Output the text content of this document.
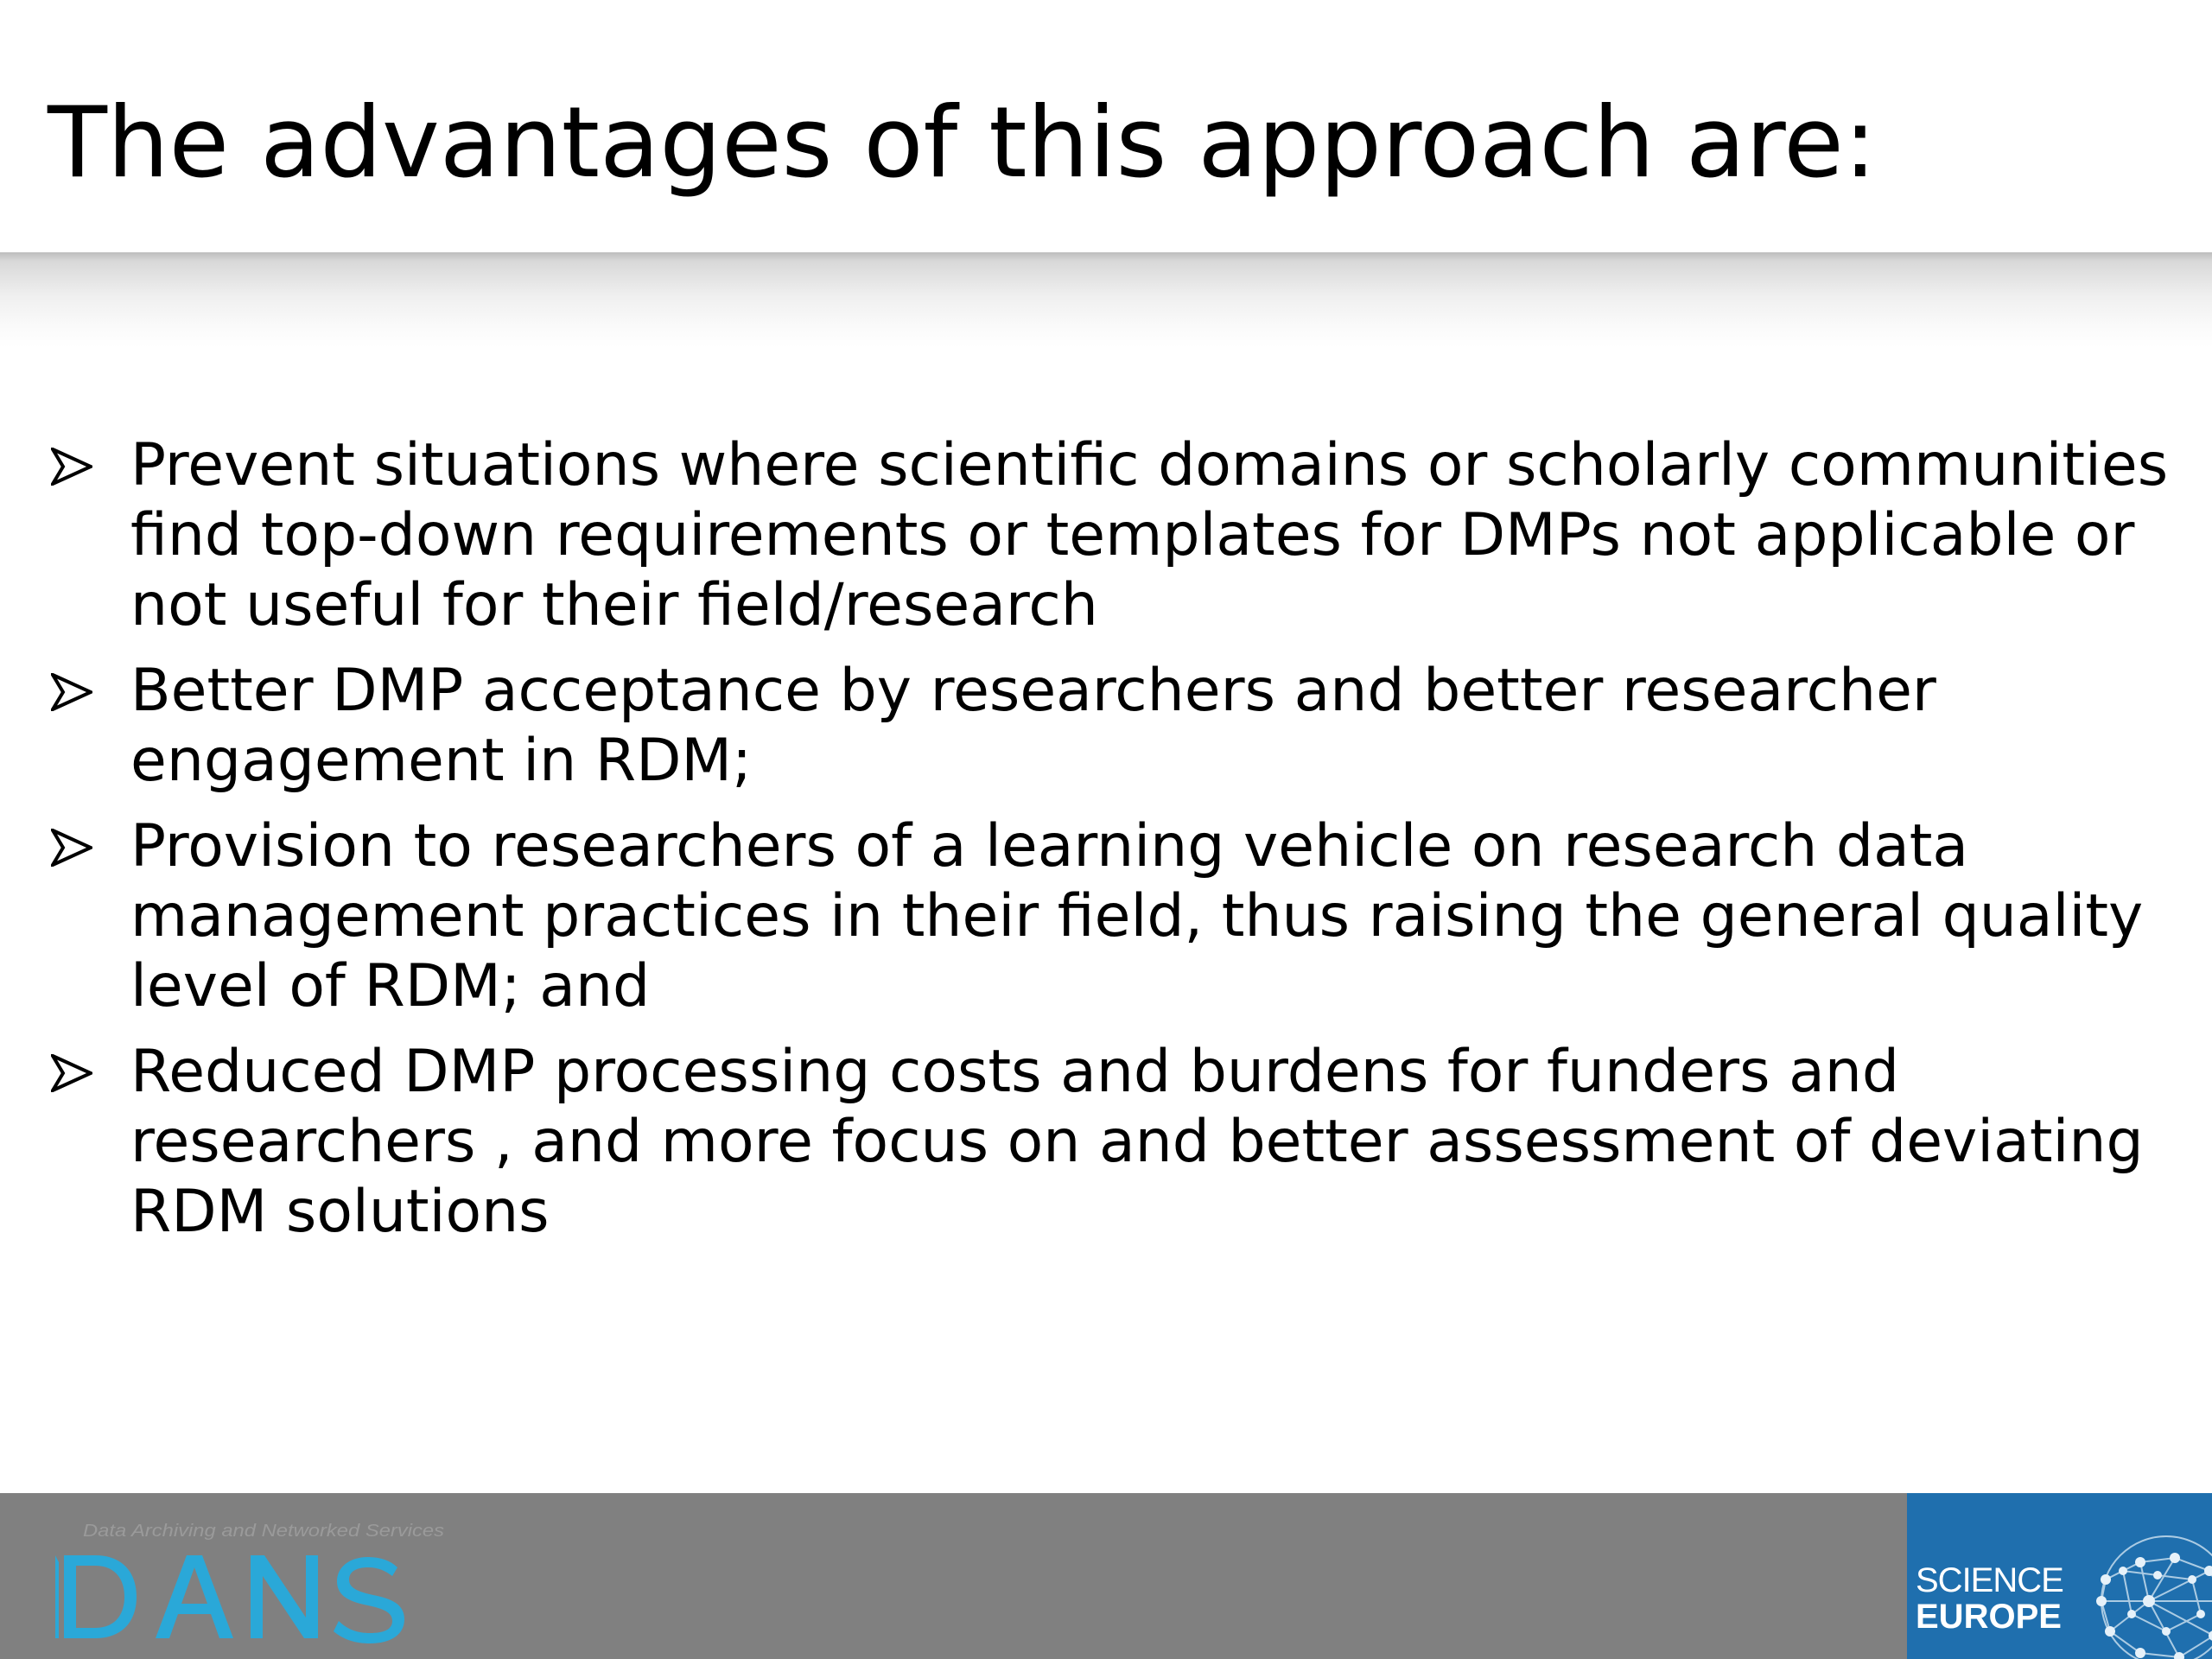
The advantages of this approach are:
Prevent situations where scientific domains or scholarly communities find top-down requirements or templates for DMPs not applicable or not useful for their field/research
Better DMP acceptance by researchers and better researcher engagement in RDM;
Provision to researchers of a learning vehicle on research data management practices in their field, thus raising the general quality level of RDM; and
Reduced DMP processing costs and burdens for funders and researchers , and more focus on and better assessment of deviating RDM solutions
Data Archiving and Networked Services
SCIENCE
EUROPE
